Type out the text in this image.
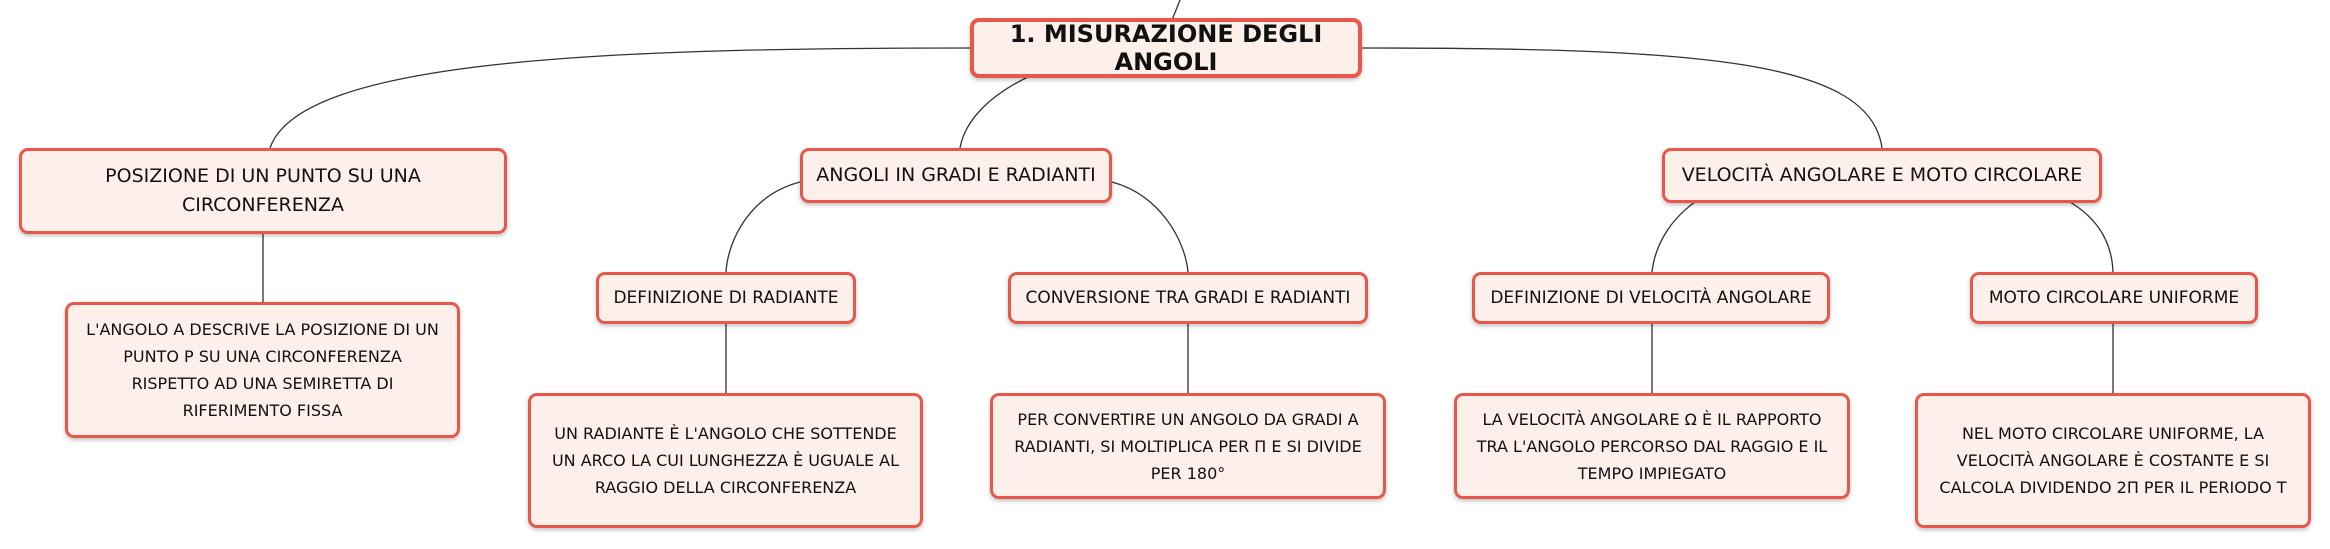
1. MISURAZIONE DEGLI ANGOLI
POSIZIONE DI UN PUNTO SU UNA CIRCONFERENZA
L'ANGOLO Α DESCRIVE LA POSIZIONE DI UN PUNTO P SU UNA CIRCONFERENZA RISPETTO AD UNA SEMIRETTA DI RIFERIMENTO FISSA
ANGOLI IN GRADI E RADIANTI
DEFINIZIONE DI RADIANTE
UN RADIANTE È L'ANGOLO CHE SOTTENDE UN ARCO LA CUI LUNGHEZZA È UGUALE AL RAGGIO DELLA CIRCONFERENZA
CONVERSIONE TRA GRADI E RADIANTI
PER CONVERTIRE UN ANGOLO DA GRADI A RADIANTI, SI MOLTIPLICA PER Π E SI DIVIDE PER 180°
VELOCITÀ ANGOLARE E MOTO CIRCOLARE
DEFINIZIONE DI VELOCITÀ ANGOLARE
LA VELOCITÀ ANGOLARE Ω È IL RAPPORTO TRA L'ANGOLO PERCORSO DAL RAGGIO E IL TEMPO IMPIEGATO
MOTO CIRCOLARE UNIFORME
NEL MOTO CIRCOLARE UNIFORME, LA VELOCITÀ ANGOLARE È COSTANTE E SI CALCOLA DIVIDENDO 2Π PER IL PERIODO T
